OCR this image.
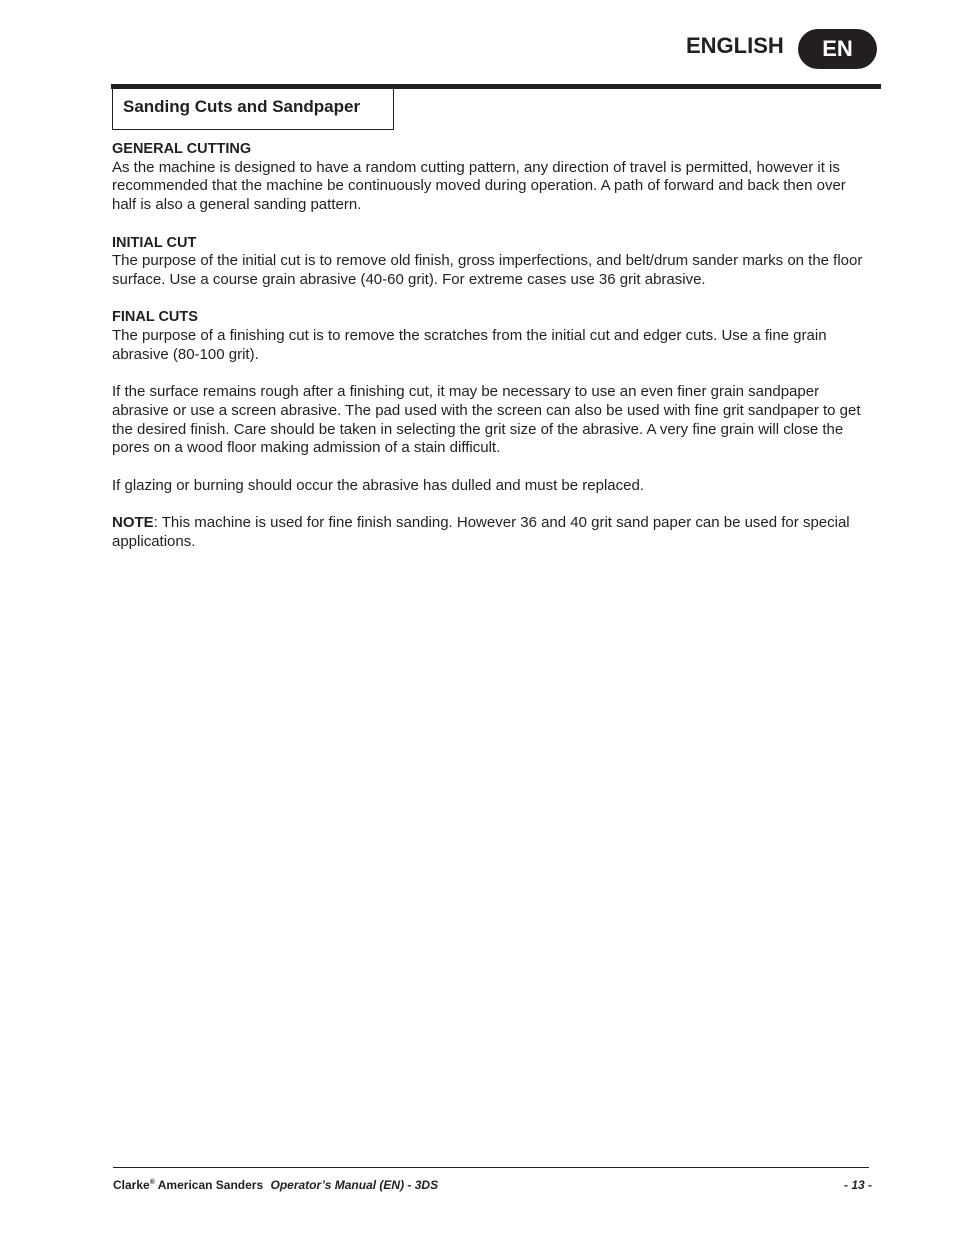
ENGLISH	EN
Sanding Cuts and Sandpaper

GENERAL CUTTING

As the machine is designed to have a random cutting pattern, any direction of travel is permitted, however it is recommended that the machine be continuously moved during operation. A path of forward and back then over half is also a general sanding pattern.

INITIAL CUT

The purpose of the initial cut is to remove old finish, gross imperfections, and belt/drum sander marks on the floor surface. Use a course grain abrasive (40-60 grit). For extreme cases use 36 grit abrasive.

FINAL CUTS

The purpose of a finishing cut is to remove the scratches from the initial cut and edger cuts. Use a fine grain abrasive (80-100 grit).

If the surface remains rough after a finishing cut, it may be necessary to use an even finer grain sandpaper abrasive or use a screen abrasive. The pad used with the screen can also be used with fine grit sandpaper to get the desired finish. Care should be taken in selecting the grit size of the abrasive. A very fine grain will close the pores on a wood floor making admission of a stain difficult.

If glazing or burning should occur the abrasive has dulled and must be replaced.

NOTE: This machine is used for fine finish sanding. However 36 and 40 grit sand paper can be used for special applications.

Clarke® American Sanders Operator’s Manual (EN) - 3DS	- 13 -
